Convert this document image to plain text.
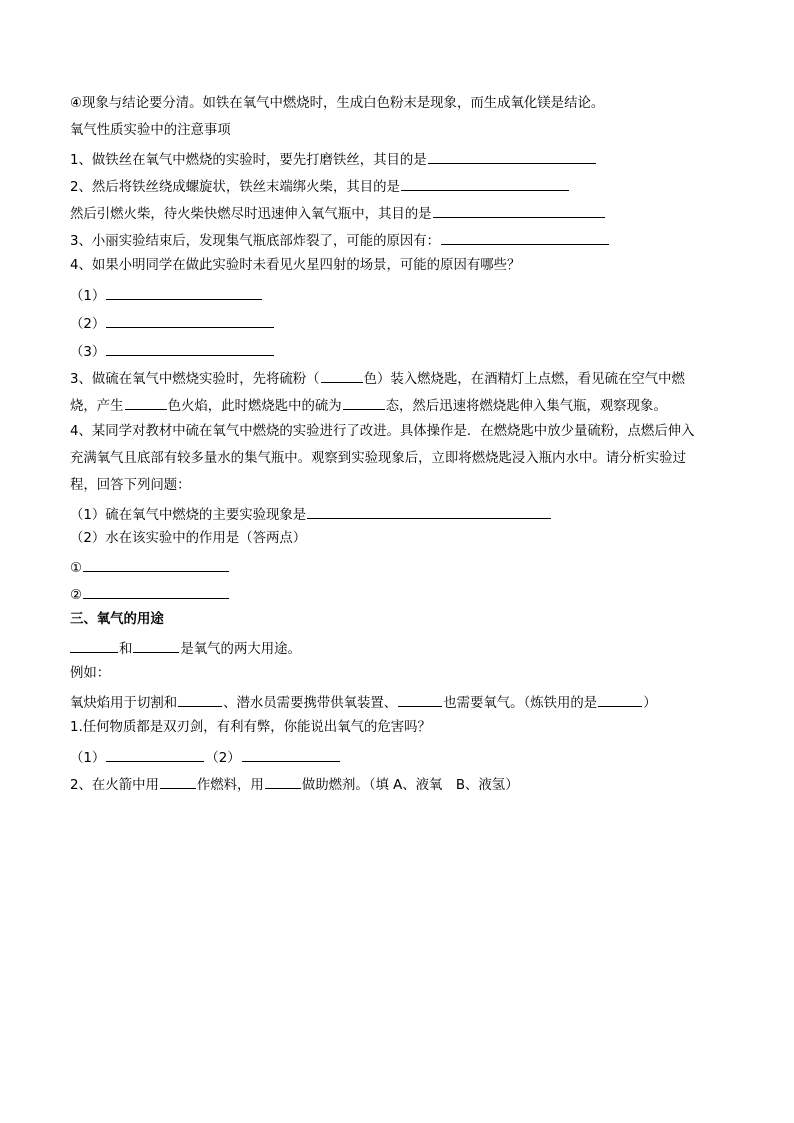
④现象与结论要分清。如铁在氧气中燃烧时，生成白色粉末是现象，而生成氧化镁是结论。
氧气性质实验中的注意事项
1、做铁丝在氧气中燃烧的实验时，要先打磨铁丝，其目的是
2、然后将铁丝绕成螺旋状，铁丝末端绑火柴，其目的是
然后引燃火柴，待火柴快燃尽时迅速伸入氧气瓶中，其目的是
3、小丽实验结束后，发现集气瓶底部炸裂了，可能的原因有：
4、如果小明同学在做此实验时未看见火星四射的场景，可能的原因有哪些？
（1）
（2）
（3）
3、做硫在氧气中燃烧实验时，先将硫粉（	色）装入燃烧匙，在酒精灯上点燃，看见硫在空气中燃
烧，产生	色火焰，此时燃烧匙中的硫为	态，然后迅速将燃烧匙伸入集气瓶，观察现象。
4、某同学对教材中硫在氧气中燃烧的实验进行了改进。具体操作是．在燃烧匙中放少量硫粉，点燃后伸入
充满氧气且底部有较多量水的集气瓶中。观察到实验现象后，立即将燃烧匙浸入瓶内水中。请分析实验过
程，回答下列问题：
（1）硫在氧气中燃烧的主要实验现象是
（2）水在该实验中的作用是（答两点）
①
②
三、氧气的用途
和	是氧气的两大用途。
例如：
氧炔焰用于切割和	、潜水员需要携带供氧装置、	也需要氧气。（炼铁用的是	）
1.任何物质都是双刃剑，有利有弊，你能说出氧气的危害吗？
（1）	（2）
2、在火箭中用	作燃料，用	做助燃剂。（填 A、液氧　B、液氢）
